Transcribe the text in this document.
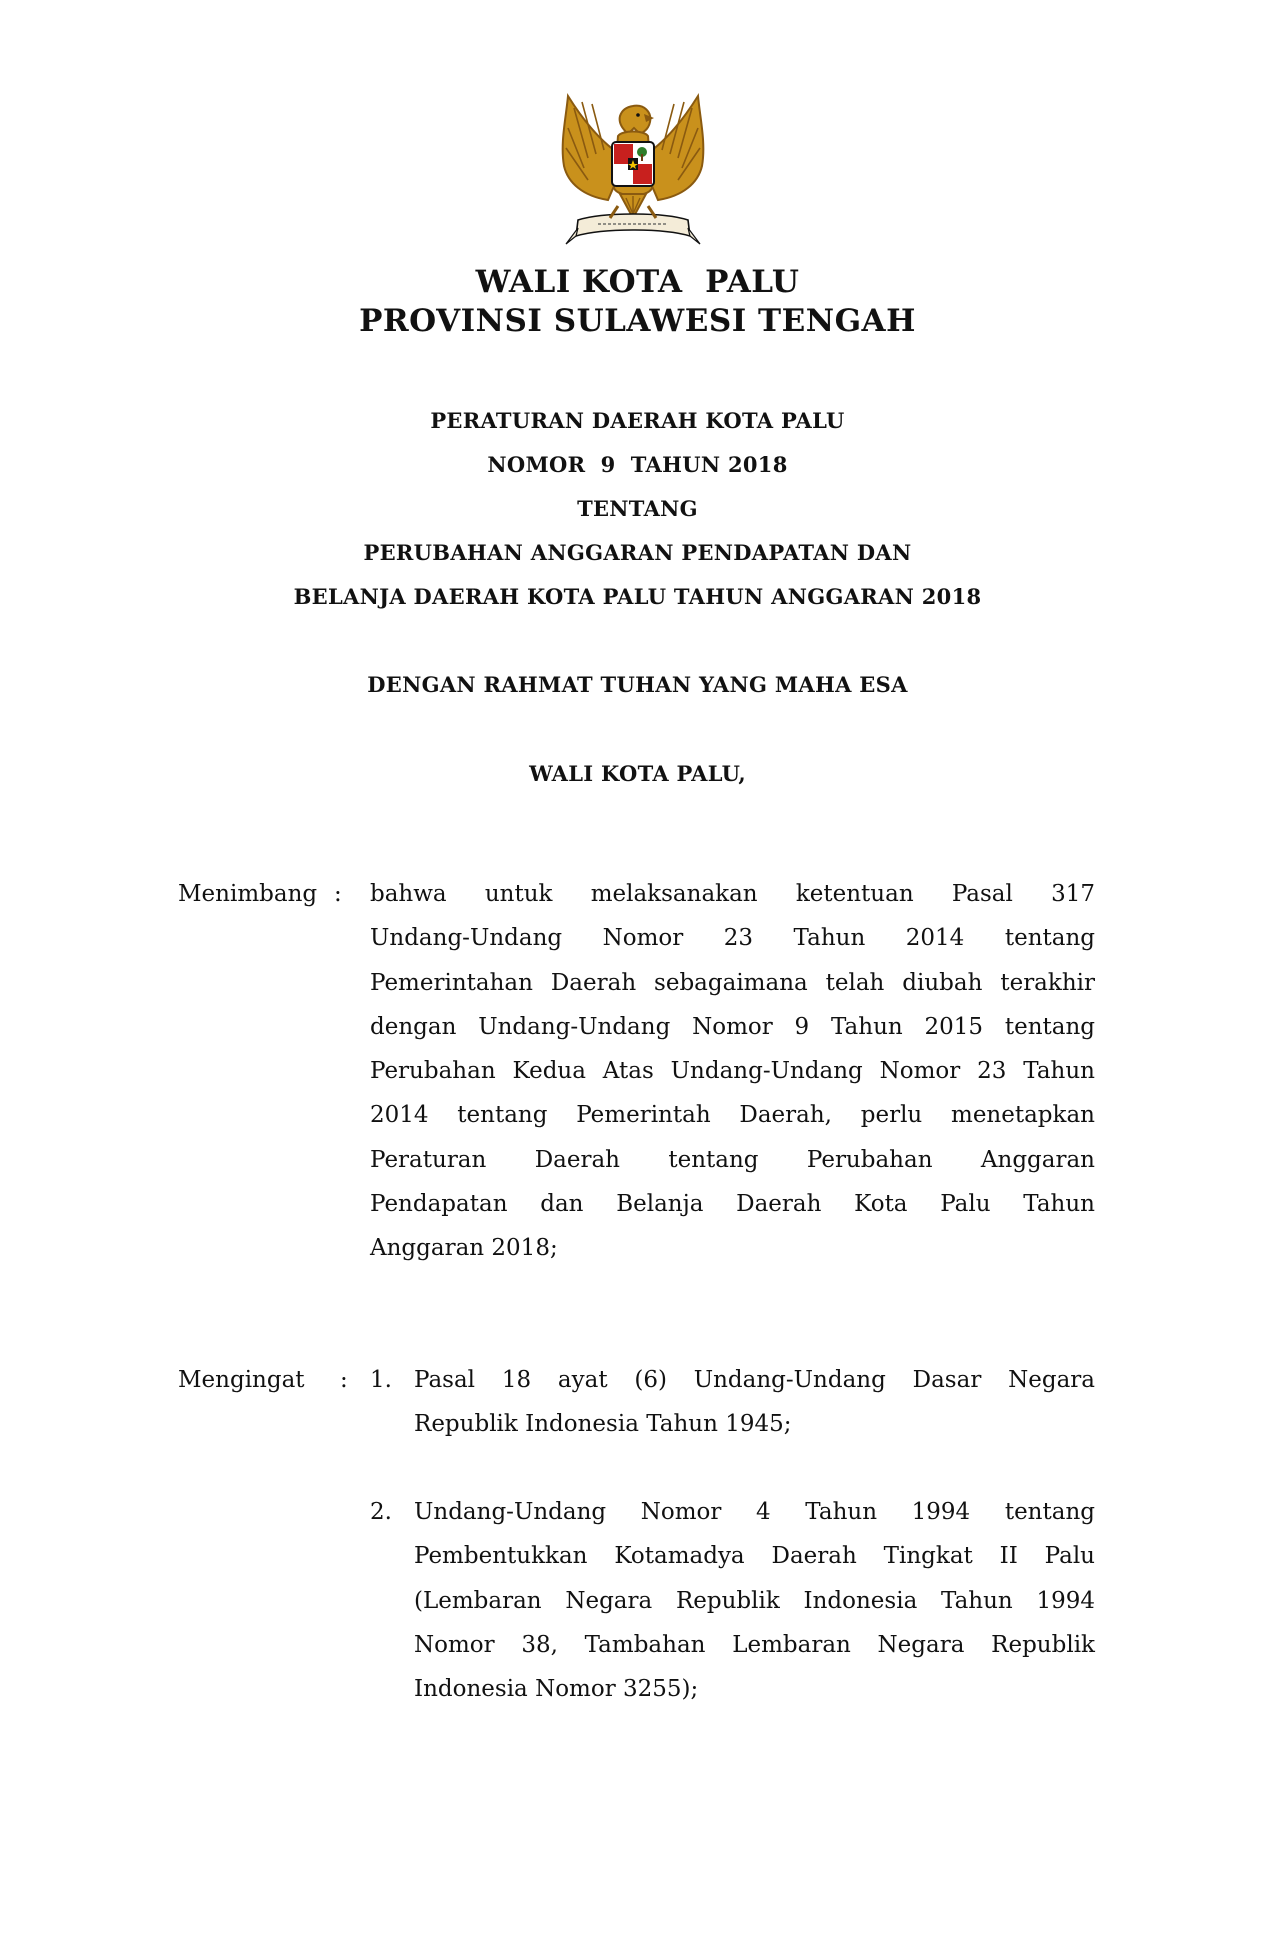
WALI KOTA  PALU
PROVINSI SULAWESI TENGAH
PERATURAN DAERAH KOTA PALU
NOMOR  9  TAHUN 2018
TENTANG
PERUBAHAN ANGGARAN PENDAPATAN DAN
BELANJA DAERAH KOTA PALU TAHUN ANGGARAN 2018
DENGAN RAHMAT TUHAN YANG MAHA ESA
WALI KOTA PALU,
Menimbang : bahwa untuk melaksanakan ketentuan Pasal 317
Undang-Undang Nomor 23 Tahun 2014 tentang
Pemerintahan Daerah sebagaimana telah diubah terakhir
dengan Undang-Undang Nomor 9 Tahun 2015 tentang
Perubahan Kedua Atas Undang-Undang Nomor 23 Tahun
2014 tentang Pemerintah Daerah, perlu menetapkan
Peraturan Daerah tentang Perubahan Anggaran
Pendapatan dan Belanja Daerah Kota Palu Tahun
Anggaran 2018;
Mengingat : 1. Pasal 18 ayat (6) Undang-Undang Dasar Negara
Republik Indonesia Tahun 1945;
2. Undang-Undang Nomor 4 Tahun 1994 tentang
Pembentukkan Kotamadya Daerah Tingkat II Palu
(Lembaran Negara Republik Indonesia Tahun 1994
Nomor 38, Tambahan Lembaran Negara Republik
Indonesia Nomor 3255);
